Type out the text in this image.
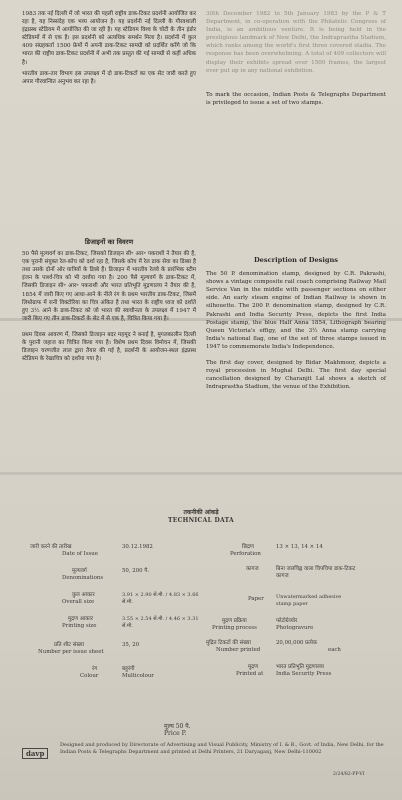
1983 तक नई दिल्ली में जो भारत की पहली राष्ट्रीय डाक-टिकट प्रदर्शनी आयोजित कर रहा है, यह निस्संदेह एक भव्य आयोजन है। यह प्रदर्शनी नई दिल्ली के गौरवशाली इंद्रप्रस्थ स्टेडियम में आयोजित की जा रही है। यह स्टेडियम विश्व के चोटी के तीन इंडोर स्टेडियमों में से एक है। इस प्रदर्शनी को अत्यधिक समर्थन मिला है। प्रदर्शनी में कुल 409 संग्रहकर्ता 1500 फ्रेमों में अपनी डाक-टिकट सामग्री को प्रदर्शित करेंगे जो कि भारत की राष्ट्रीय डाक-टिकट प्रदर्शनी में अभी तक प्रस्तुत की गई सामग्री से कहीं अधिक है।

भारतीय डाक-तार विभाग इस उपलक्ष्य में दो डाक-टिकटों का एक सेट जारी करते हुए अपार गौरवान्वित अनुभव कर रहा है।

30th December 1982 to 5th January 1983 by the P & T Department, in co-operation with the Philatelic Congress of India, is an ambitious venture. It is being held in the prestigious landmark of New Delhi, the Indraprastha Stadium, which ranks among the world's first three covered stadia. The response has been overwhelming. A total of 409 collectors will display their exhibits spread over 1500 frames, the largest ever put up in any national exhibition.

To mark the occasion, Indian Posts & Telegraphs Department is privileged to issue a set of two stamps.

डिजाइनों का विवरण

50 पैसे मूल्यवर्ग का डाक-टिकट, जिसको डिजाइन सी॰ आर॰ पकराशी ने तैयार की है, एक पुरानी संयुक्त रेल-कोच को दर्शा रहा है, जिसके कोच में रेल डाक सेवा का डिब्बा है तथा उसके दोनों ओर यात्रियों के डिब्बे हैं। डिजाइन में भारतीय रेलवे के प्रारंभिक स्टीम इंजन के पार्श्व-चित्र को भी दर्शाया गया है। 200 पैसे मूल्यवर्ग के डाक-टिकट में, जिसकी डिजाइन सी॰ आर॰ पकराशी और भारत प्रतिभूति मुद्रणालय ने तैयार की है, 1854 में जारी किए गए आधा-आने के नीले रंग के प्रथम भारतीय डाक-टिकट, जिसमें लिथोग्राफ में रानी विक्टोरिया का चित्र अंकित है तथा भारत के राष्ट्रीय ध्वज को दर्शाते हुए 3½ आने के डाक-टिकट को जो भारत की स्वाधीनता के उपलक्ष्य में 1947 में जारी किए गए तीन डाक-टिकटों के सेट में से एक है, चित्रित किया गया है।

प्रथम दिवस आवरण में, जिसको डिजाइन बदर महमूद ने बनाई है, मुगलकालीन दिल्ली के पुरानी जहाज का चित्रित किया गया है। विशेष प्रथम दिवस विमोचन में, जिसकी डिजाइन चरणजीत लाल द्वारा तैयार की गई है, प्रदर्शनी के आयोजन-स्थल इंद्रप्रस्थ स्टेडियम के रेखाचित्र को दर्शाया गया है।

Description of Designs

The 50 P. denomination stamp, designed by C.R. Pakrashi, shows a vintage composite rail coach comprising Railway Mail Service Van in the middle with passenger sections on either side. An early steam engine of Indian Railway is shown in silhouette. The 200 P. denomination stamp, designed by C.R. Pakrashi and India Security Press, depicts the first India Postage stamp, the blue Half Anna 1854, Lithograph bearing Queen Victoria's effigy, and the 3½ Anna stamp carrying India's national flag, one of the set of three stamps issued in 1947 to commemorate India's Independence.

The first day cover, designed by Bidar Makhmoor, depicts a royal procession in Mughal Delhi. The first day special cancellation designed by Charanjit Lal shows a sketch of Indraprastha Stadium, the venue of the Exhibition.

तकनीकी आंकड़े
TECHNICAL DATA
जारी करने की तारीख	30.12.1982
Date of Issue
मूल्यवर्ग	50, 200 पै.
Denominations
कुल आकार	3.91 × 2.90 सें.मी. / 4.83 × 3.66 सें.मी.
Overall size
मुद्रण आकार	3.55 × 2.54 सें.मी. / 4.46 × 3.31 सें.मी.
Printing size
प्रति शीट संख्या	35, 20
Number per issue sheet
रंग	बहुरंगी
Colour	Multicolour
छिद्रण	13 × 13, 14 × 14
Perforation
कागज	बिना जलचिह्न वाला चिपचिपा डाक-टिकट कागज
Paper Unwatermarked adhesive stamp paper
मुद्रण प्रक्रिया	फोटोग्रेव्योर
Printing process	Photogravure
मुद्रित टिकटों की संख्या	20,00,000 प्रत्येक
Number printed	each
मुद्रण	भारत प्रतिभूति मुद्रणालय
Printed at	India Security Press
मूल्य 50 पै.
Price P.
davp
Designed and produced by Directorate of Advertising and Visual Publicity, Ministry of I. & B., Govt. of India, New Delhi, for the Indian Posts & Telegraphs Department and printed at Delhi Printers, 21 Daryaganj, New Delhi-110002
2/24/82-PP-VI
